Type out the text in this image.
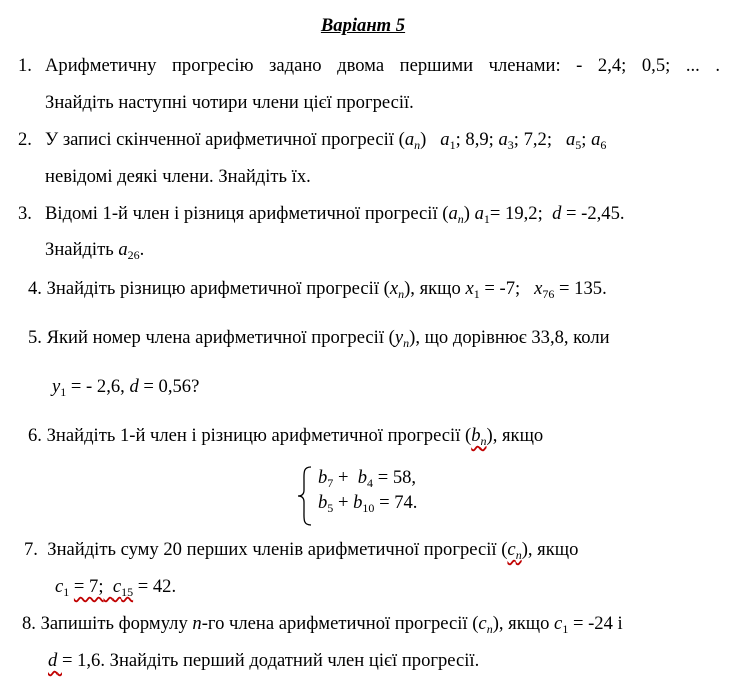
Варіант 5
1. Арифметичну прогресію задано двома першими членами: - 2,4; 0,5; ... .
Знайдіть наступні чотири члени цієї прогресії.
2. У записі скінченної арифметичної прогресії $(a_n)$ $a_1$; 8,9; $a_3$; 7,2; $a_5$; $a_6$
невідомі деякі члени. Знайдіть їх.
3. Відомі 1-й член і різниця арифметичної прогресії $(a_n)$ $a_1= 19,2$; d = -2,45.
Знайдіть $a_{26}$.
4. Знайдіть різницю арифметичної прогресії $(x_n)$, якщо $x_1 = -7$; $x_{76} = 135$.
5. Який номер члена арифметичної прогресії $(y_n)$, що дорівнює 33,8, коли
$y_1$ = - 2,6, d = 0,56?
6. Знайдіть 1-й член і різницю арифметичної прогресії $(b_n)$, якщо
$b_7 + b_4 = 58$,
$b_5 + b_{10} = 74$.
7. Знайдіть суму 20 перших членів арифметичної прогресії $(c_n)$, якщо
$c_1 = 7$; $c_{15} = 42$.
8. Запишіть формулу n-го члена арифметичної прогресії $(c_n)$, якщо $c_1 = -24$ і
d = 1,6. Знайдіть перший додатний член цієї прогресії.
